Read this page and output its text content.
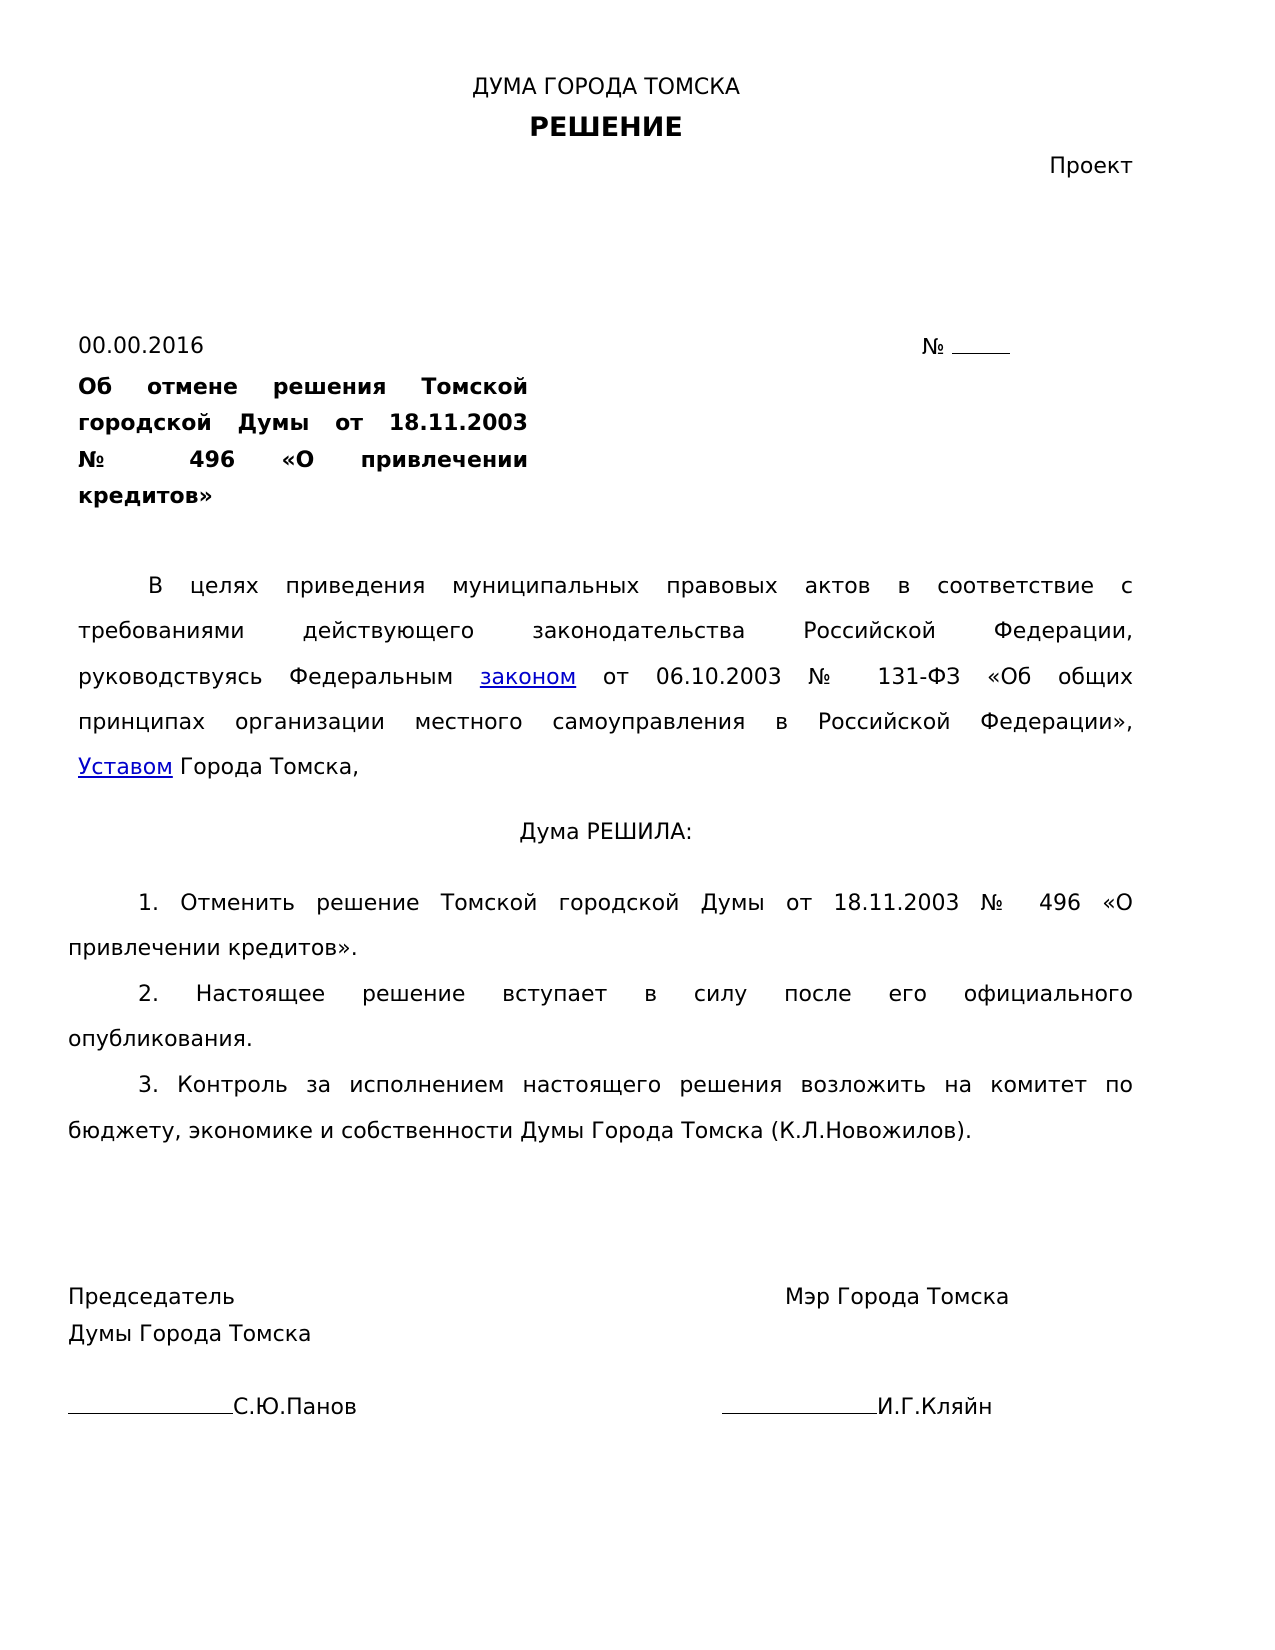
ДУМА ГОРОДА ТОМСКА
РЕШЕНИЕ
Проект
00.00.2016	№
Об отмене решения Томской
городской Думы от 18.11.2003
№ 496 «О привлечении
кредитов»
В целях приведения муниципальных правовых актов в соответствие с
требованиями действующего законодательства Российской Федерации,
руководствуясь Федеральным законом от 06.10.2003 № 131-ФЗ «Об общих
принципах организации местного самоуправления в Российской Федерации»,
Уставом Города Томска,
Дума РЕШИЛА:
1. Отменить решение Томской городской Думы от 18.11.2003 № 496 «О
привлечении кредитов».
2. Настоящее решение вступает в силу после его официального
опубликования.
3. Контроль за исполнением настоящего решения возложить на комитет по
бюджету, экономике и собственности Думы Города Томска (К.Л.Новожилов).
Председатель
Думы Города Томска
Мэр Города Томска
С.Ю.Панов	И.Г.Кляйн
